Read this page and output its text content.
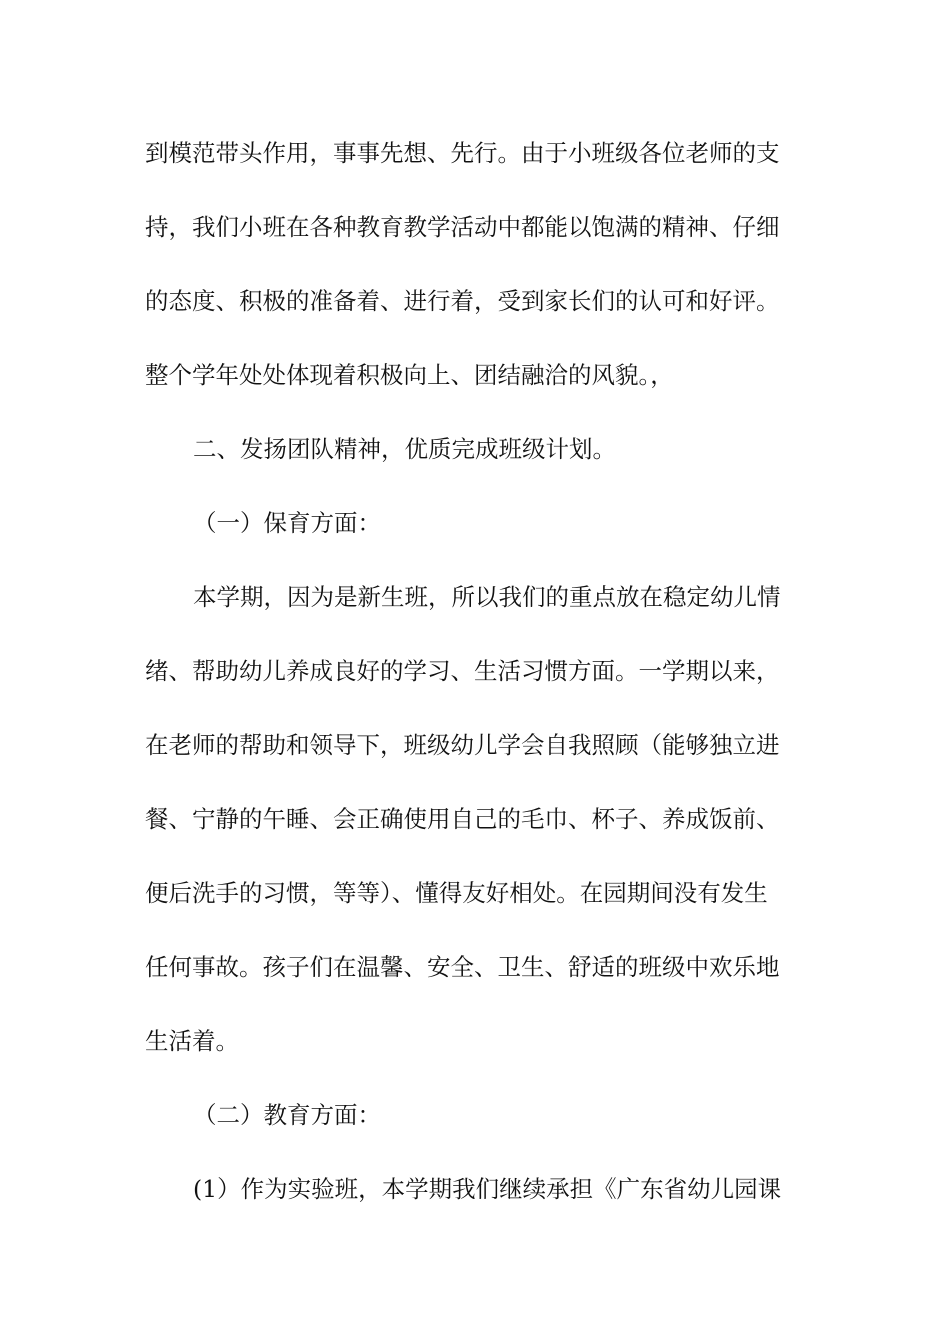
到模范带头作用，事事先想、先行。由于小班级各位老师的支
持，我们小班在各种教育教学活动中都能以饱满的精神、仔细
的态度、积极的准备着、进行着，受到家长们的认可和好评。
整个学年处处体现着积极向上、团结融洽的风貌。，
二、发扬团队精神，优质完成班级计划。
（一）保育方面：
本学期，因为是新生班，所以我们的重点放在稳定幼儿情
绪、帮助幼儿养成良好的学习、生活习惯方面。一学期以来，
在老师的帮助和领导下，班级幼儿学会自我照顾（能够独立进
餐、宁静的午睡、会正确使用自己的毛巾、杯子、养成饭前、
便后洗手的习惯，等等）、懂得友好相处。在园期间没有发生
任何事故。孩子们在温馨、安全、卫生、舒适的班级中欢乐地
生活着。
（二）教育方面：
(1）作为实验班，本学期我们继续承担《广东省幼儿园课
